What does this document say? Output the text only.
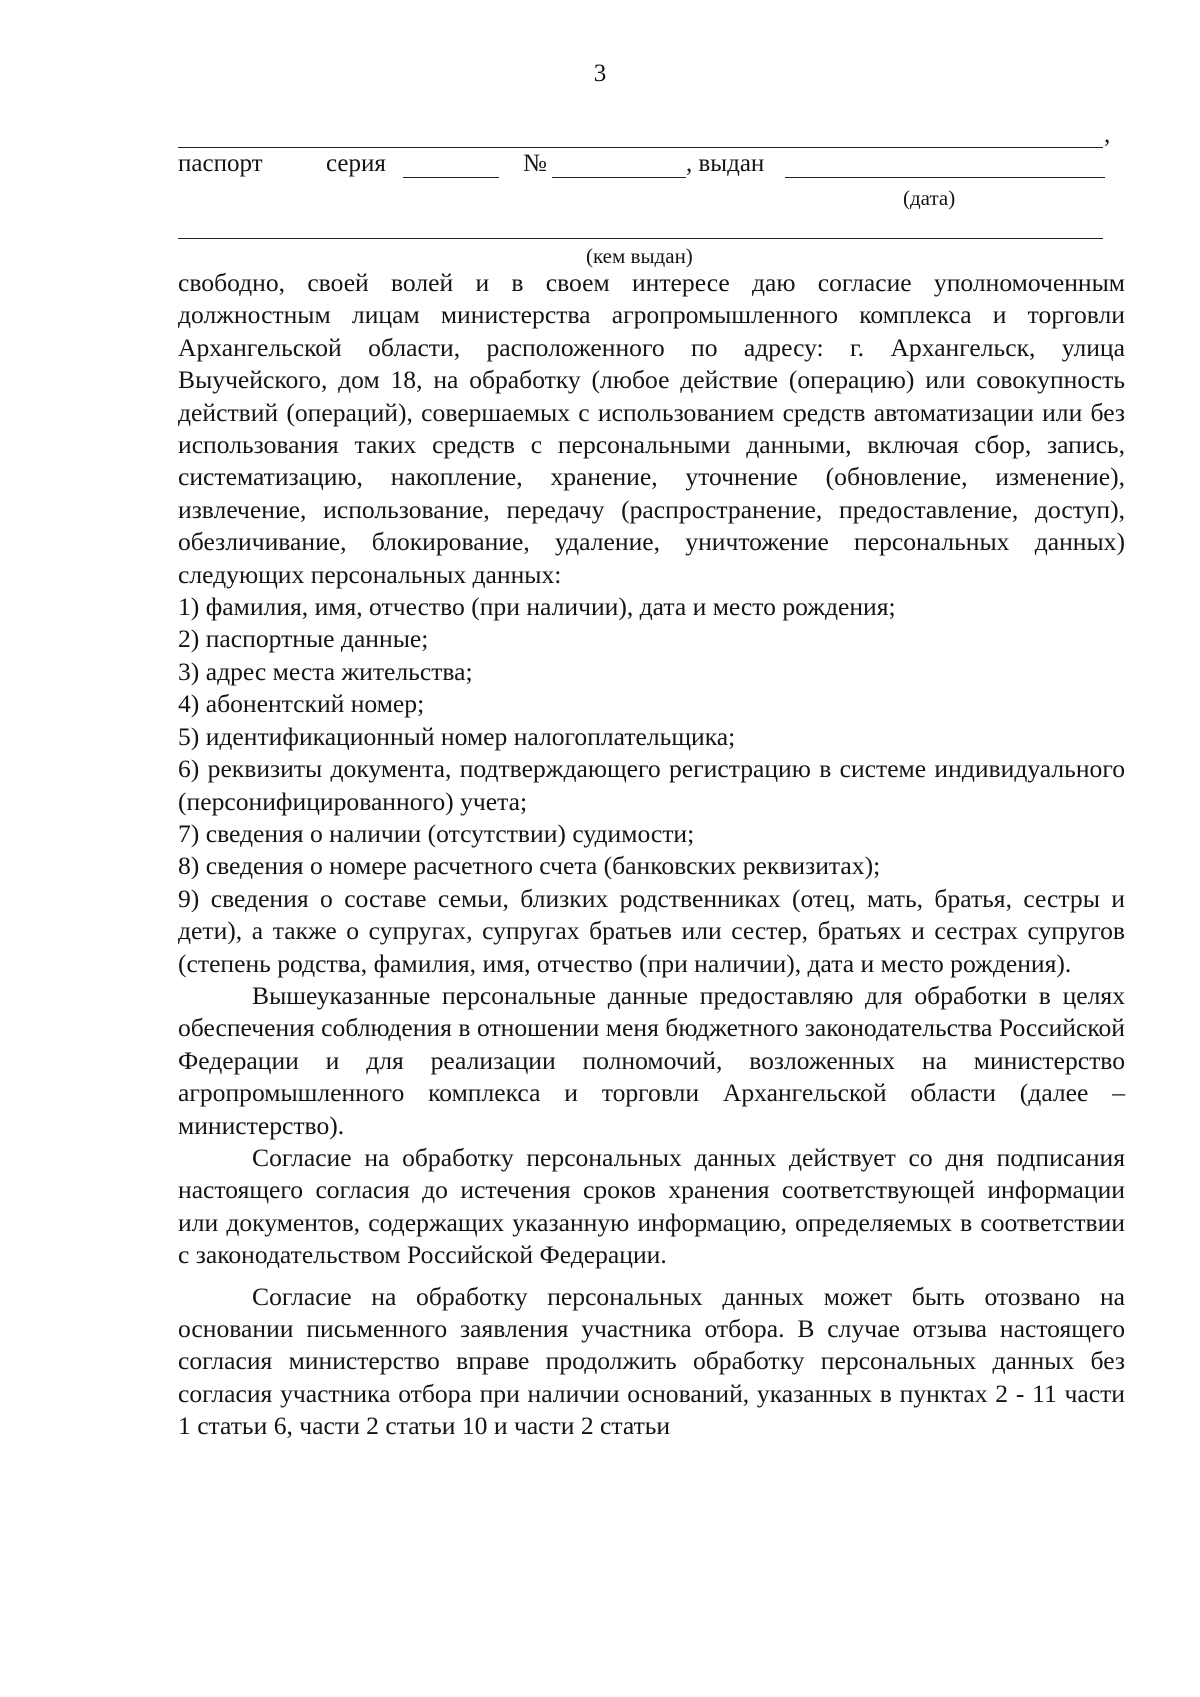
3
,
паспорт	серия	№	, выдан
(дата)
(кем выдан)

свободно, своей волей и в своем интересе даю согласие уполномоченным должностным лицам министерства агропромышленного комплекса и торговли Архангельской области, расположенного по адресу: г. Архангельск, улица Выучейского, дом 18, на обработку (любое действие (операцию) или совокупность действий (операций), совершаемых с использованием средств автоматизации или без использования таких средств с персональными данными, включая сбор, запись, систематизацию, накопление, хранение, уточнение (обновление, изменение), извлечение, использование, передачу (распространение, предоставление, доступ), обезличивание, блокирование, удаление, уничтожение персональных данных) следующих персональных данных:

1) фамилия, имя, отчество (при наличии), дата и место рождения;

2) паспортные данные;

3) адрес места жительства;

4) абонентский номер;

5) идентификационный номер налогоплательщика;

6) реквизиты документа, подтверждающего регистрацию в системе индивидуального (персонифицированного) учета;

7) сведения о наличии (отсутствии) судимости;

8) сведения о номере расчетного счета (банковских реквизитах);

9) сведения о составе семьи, близких родственниках (отец, мать, братья, сестры и дети), а также о супругах, супругах братьев или сестер, братьях и сестрах супругов (степень родства, фамилия, имя, отчество (при наличии), дата и место рождения).

Вышеуказанные персональные данные предоставляю для обработки в целях обеспечения соблюдения в отношении меня бюджетного законодательства Российской Федерации и для реализации полномочий, возложенных на министерство агропромышленного комплекса и торговли Архангельской области (далее – министерство).

Согласие на обработку персональных данных действует со дня подписания настоящего согласия до истечения сроков хранения соответствующей информации или документов, содержащих указанную информацию, определяемых в соответствии с законодательством Российской Федерации.

Согласие на обработку персональных данных может быть отозвано на основании письменного заявления участника отбора. В случае отзыва настоящего согласия министерство вправе продолжить обработку персональных данных без согласия участника отбора при наличии оснований, указанных в пунктах 2 - 11 части 1 статьи 6, части 2 статьи 10 и части 2 статьи
